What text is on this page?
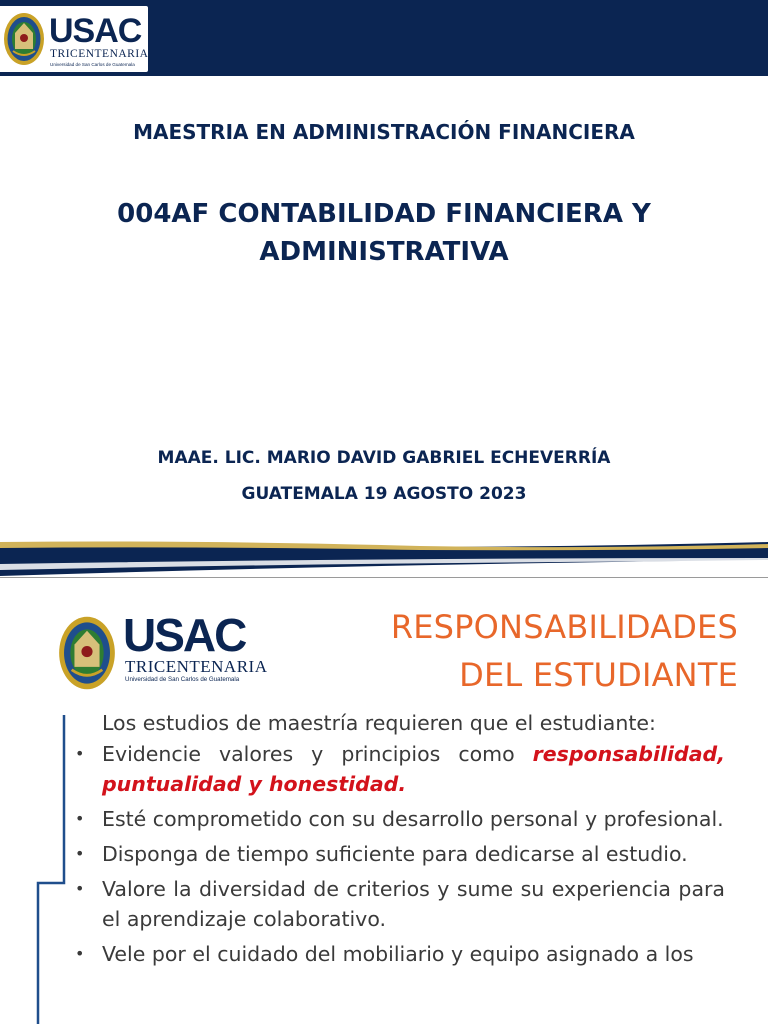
USAC
TRICENTENARIA
Universidad de San Carlos de Guatemala
MAESTRIA EN ADMINISTRACIÓN FINANCIERA
004AF CONTABILIDAD FINANCIERA Y
ADMINISTRATIVA
MAAE. LIC. MARIO DAVID GABRIEL ECHEVERRÍA
GUATEMALA 19 AGOSTO 2023
USAC
TRICENTENARIA
Universidad de San Carlos de Guatemala
RESPONSABILIDADES
DEL ESTUDIANTE
Los estudios de maestría requieren que el estudiante:
• Evidencie valores y principios como responsabilidad, puntualidad y honestidad.
• Esté comprometido con su desarrollo personal y profesional.
• Disponga de tiempo suficiente para dedicarse al estudio.
• Valore la diversidad de criterios y sume su experiencia para el aprendizaje colaborativo.
• Vele por el cuidado del mobiliario y equipo asignado a los
